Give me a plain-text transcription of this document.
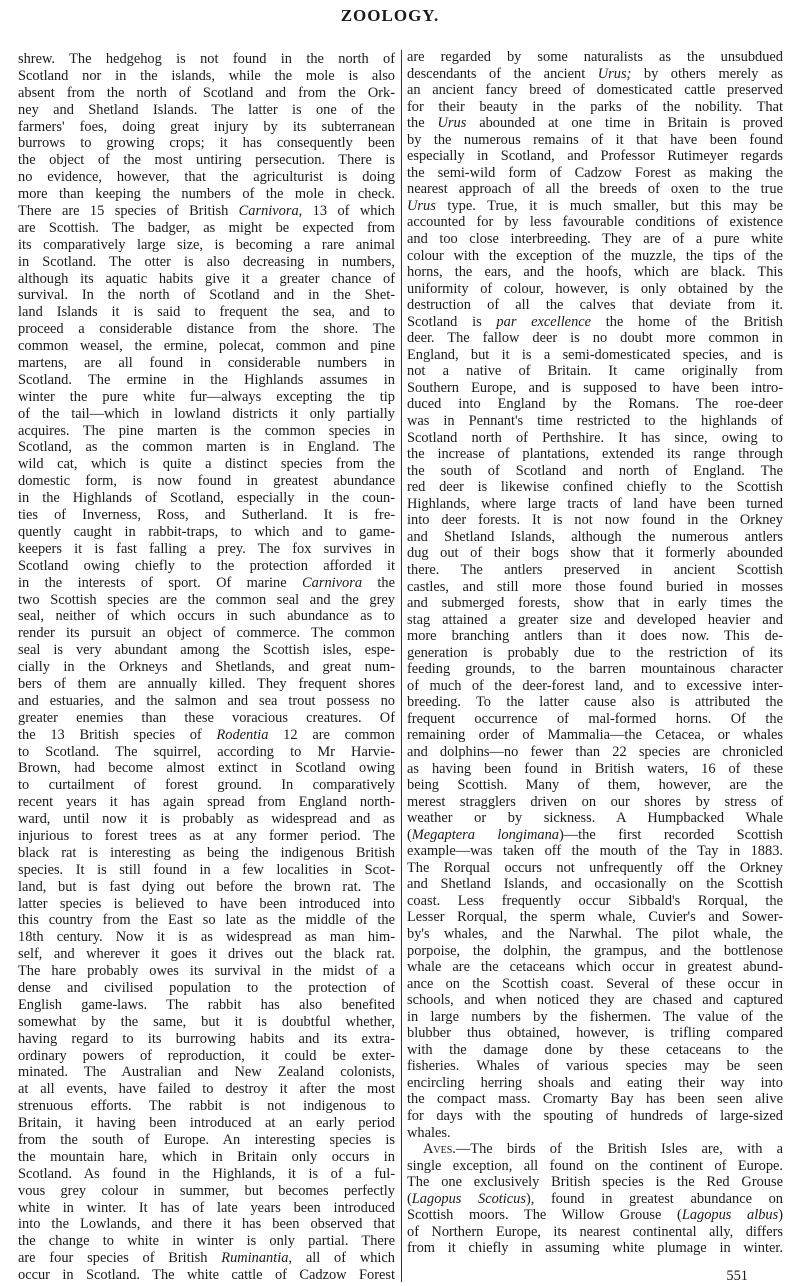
ZOOLOGY.
shrew. The hedgehog is not found in the north of
Scotland nor in the islands, while the mole is also
absent from the north of Scotland and from the Ork-
ney and Shetland Islands. The latter is one of the
farmers' foes, doing great injury by its subterranean
burrows to growing crops; it has consequently been
the object of the most untiring persecution. There is
no evidence, however, that the agriculturist is doing
more than keeping the numbers of the mole in check.
There are 15 species of British Carnivora, 13 of which
are Scottish. The badger, as might be expected from
its comparatively large size, is becoming a rare animal
in Scotland. The otter is also decreasing in numbers,
although its aquatic habits give it a greater chance of
survival. In the north of Scotland and in the Shet-
land Islands it is said to frequent the sea, and to
proceed a considerable distance from the shore. The
common weasel, the ermine, polecat, common and pine
martens, are all found in considerable numbers in
Scotland. The ermine in the Highlands assumes in
winter the pure white fur—always excepting the tip
of the tail—which in lowland districts it only partially
acquires. The pine marten is the common species in
Scotland, as the common marten is in England. The
wild cat, which is quite a distinct species from the
domestic form, is now found in greatest abundance
in the Highlands of Scotland, especially in the coun-
ties of Inverness, Ross, and Sutherland. It is fre-
quently caught in rabbit-traps, to which and to game-
keepers it is fast falling a prey. The fox survives in
Scotland owing chiefly to the protection afforded it
in the interests of sport. Of marine Carnivora the
two Scottish species are the common seal and the grey
seal, neither of which occurs in such abundance as to
render its pursuit an object of commerce. The common
seal is very abundant among the Scottish isles, espe-
cially in the Orkneys and Shetlands, and great num-
bers of them are annually killed. They frequent shores
and estuaries, and the salmon and sea trout possess no
greater enemies than these voracious creatures. Of
the 13 British species of Rodentia 12 are common
to Scotland. The squirrel, according to Mr Harvie-
Brown, had become almost extinct in Scotland owing
to curtailment of forest ground. In comparatively
recent years it has again spread from England north-
ward, until now it is probably as widespread and as
injurious to forest trees as at any former period. The
black rat is interesting as being the indigenous British
species. It is still found in a few localities in Scot-
land, but is fast dying out before the brown rat. The
latter species is believed to have been introduced into
this country from the East so late as the middle of the
18th century. Now it is as widespread as man him-
self, and wherever it goes it drives out the black rat.
The hare probably owes its survival in the midst of a
dense and civilised population to the protection of
English game-laws. The rabbit has also benefited
somewhat by the same, but it is doubtful whether,
having regard to its burrowing habits and its extra-
ordinary powers of reproduction, it could be exter-
minated. The Australian and New Zealand colonists,
at all events, have failed to destroy it after the most
strenuous efforts. The rabbit is not indigenous to
Britain, it having been introduced at an early period
from the south of Europe. An interesting species is
the mountain hare, which in Britain only occurs in
Scotland. As found in the Highlands, it is of a ful-
vous grey colour in summer, but becomes perfectly
white in winter. It has of late years been introduced
into the Lowlands, and there it has been observed that
the change to white in winter is only partial. There
are four species of British Ruminantia, all of which
occur in Scotland. The white cattle of Cadzow Forest
are regarded by some naturalists as the unsubdued
descendants of the ancient Urus; by others merely as
an ancient fancy breed of domesticated cattle preserved
for their beauty in the parks of the nobility. That
the Urus abounded at one time in Britain is proved
by the numerous remains of it that have been found
especially in Scotland, and Professor Rutimeyer regards
the semi-wild form of Cadzow Forest as making the
nearest approach of all the breeds of oxen to the true
Urus type. True, it is much smaller, but this may be
accounted for by less favourable conditions of existence
and too close interbreeding. They are of a pure white
colour with the exception of the muzzle, the tips of the
horns, the ears, and the hoofs, which are black. This
uniformity of colour, however, is only obtained by the
destruction of all the calves that deviate from it.
Scotland is par excellence the home of the British
deer. The fallow deer is no doubt more common in
England, but it is a semi-domesticated species, and is
not a native of Britain. It came originally from
Southern Europe, and is supposed to have been intro-
duced into England by the Romans. The roe-deer
was in Pennant's time restricted to the highlands of
Scotland north of Perthshire. It has since, owing to
the increase of plantations, extended its range through
the south of Scotland and north of England. The
red deer is likewise confined chiefly to the Scottish
Highlands, where large tracts of land have been turned
into deer forests. It is not now found in the Orkney
and Shetland Islands, although the numerous antlers
dug out of their bogs show that it formerly abounded
there. The antlers preserved in ancient Scottish
castles, and still more those found buried in mosses
and submerged forests, show that in early times the
stag attained a greater size and developed heavier and
more branching antlers than it does now. This de-
generation is probably due to the restriction of its
feeding grounds, to the barren mountainous character
of much of the deer-forest land, and to excessive inter-
breeding. To the latter cause also is attributed the
frequent occurrence of mal-formed horns. Of the
remaining order of Mammalia—the Cetacea, or whales
and dolphins—no fewer than 22 species are chronicled
as having been found in British waters, 16 of these
being Scottish. Many of them, however, are the
merest stragglers driven on our shores by stress of
weather or by sickness. A Humpbacked Whale
(Megaptera longimana)—the first recorded Scottish
example—was taken off the mouth of the Tay in 1883.
The Rorqual occurs not unfrequently off the Orkney
and Shetland Islands, and occasionally on the Scottish
coast. Less frequently occur Sibbald's Rorqual, the
Lesser Rorqual, the sperm whale, Cuvier's and Sower-
by's whales, and the Narwhal. The pilot whale, the
porpoise, the dolphin, the grampus, and the bottlenose
whale are the cetaceans which occur in greatest abund-
ance on the Scottish coast. Several of these occur in
schools, and when noticed they are chased and captured
in large numbers by the fishermen. The value of the
blubber thus obtained, however, is trifling compared
with the damage done by these cetaceans to the
fisheries. Whales of various species may be seen
encircling herring shoals and eating their way into
the compact mass. Cromarty Bay has been seen alive
for days with the spouting of hundreds of large-sized
whales.
Aves.—The birds of the British Isles are, with a
single exception, all found on the continent of Europe.
The one exclusively British species is the Red Grouse
(Lagopus Scoticus), found in greatest abundance on
Scottish moors. The Willow Grouse (Lagopus albus)
of Northern Europe, its nearest continental ally, differs
from it chiefly in assuming white plumage in winter.
551
